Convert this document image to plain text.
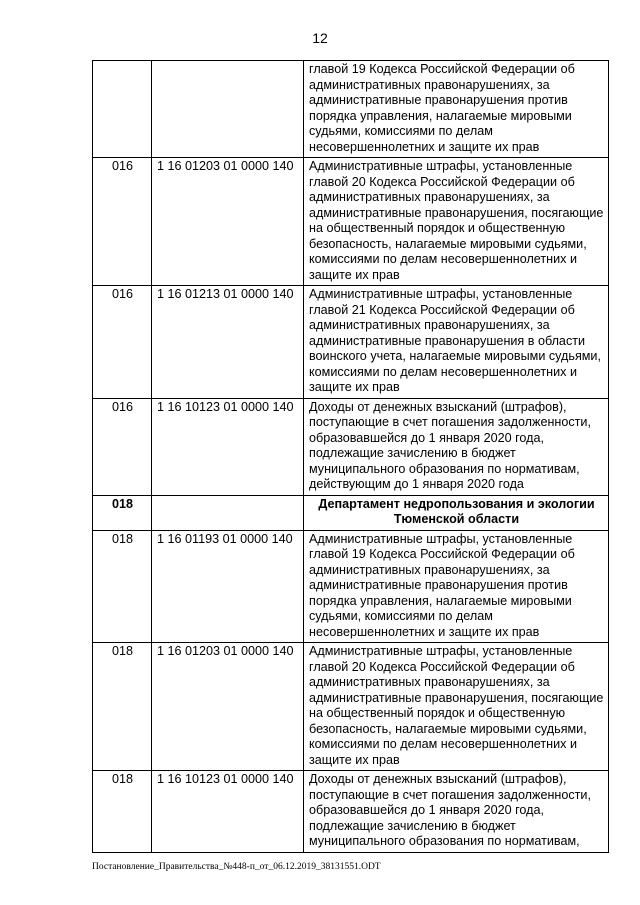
12
		главой 19 Кодекса Российской Федерации об административных правонарушениях, за административные правонарушения против порядка управления, налагаемые мировыми судьями, комиссиями по делам несовершеннолетних и защите их прав
016	1 16 01203 01 0000 140	Административные штрафы, установленные главой 20 Кодекса Российской Федерации об административных правонарушениях, за административные правонарушения, посягающие на общественный порядок и общественную безопасность, налагаемые мировыми судьями, комиссиями по делам несовершеннолетних и защите их прав
016	1 16 01213 01 0000 140	Административные штрафы, установленные главой 21 Кодекса Российской Федерации об административных правонарушениях, за административные правонарушения в области воинского учета, налагаемые мировыми судьями, комиссиями по делам несовершеннолетних и защите их прав
016	1 16 10123 01 0000 140	Доходы от денежных взысканий (штрафов), поступающие в счет погашения задолженности, образовавшейся до 1 января 2020 года, подлежащие зачислению в бюджет муниципального образования по нормативам, действующим до 1 января 2020 года
018		Департамент недропользования и экологии Тюменской области
018	1 16 01193 01 0000 140	Административные штрафы, установленные главой 19 Кодекса Российской Федерации об административных правонарушениях, за административные правонарушения против порядка управления, налагаемые мировыми судьями, комиссиями по делам несовершеннолетних и защите их прав
018	1 16 01203 01 0000 140	Административные штрафы, установленные главой 20 Кодекса Российской Федерации об административных правонарушениях, за административные правонарушения, посягающие на общественный порядок и общественную безопасность, налагаемые мировыми судьями, комиссиями по делам несовершеннолетних и защите их прав
018	1 16 10123 01 0000 140	Доходы от денежных взысканий (штрафов), поступающие в счет погашения задолженности, образовавшейся до 1 января 2020 года, подлежащие зачислению в бюджет муниципального образования по нормативам,
Постановление_Правительства_№448-п_от_06.12.2019_38131551.ODT
